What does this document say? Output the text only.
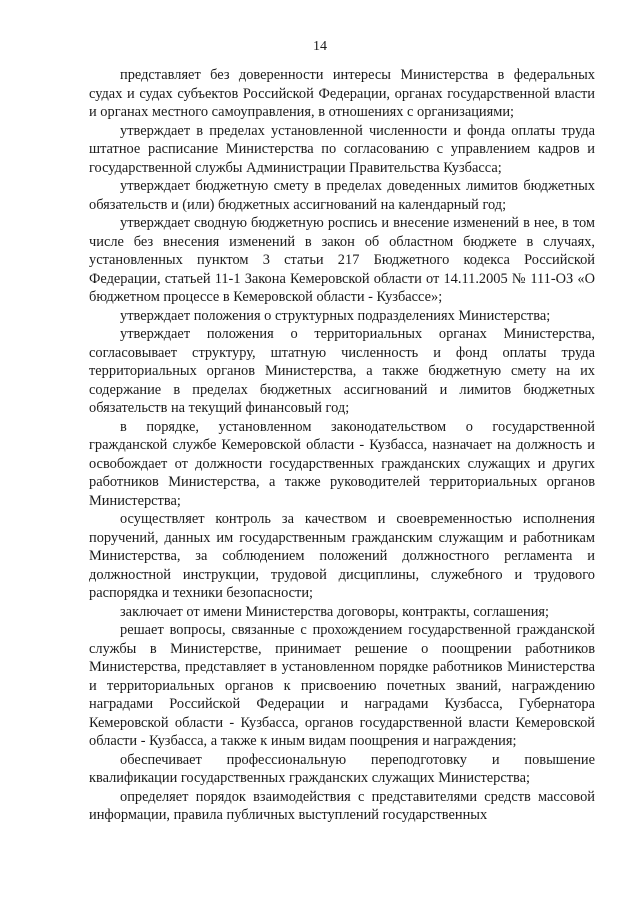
14

представляет без доверенности интересы Министерства в федеральных судах и судах субъектов Российской Федерации, органах государственной власти и органах местного самоуправления, в отношениях с организациями;

утверждает в пределах установленной численности и фонда оплаты труда штатное расписание Министерства по согласованию с управлением кадров и государственной службы Администрации Правительства Кузбасса;

утверждает бюджетную смету в пределах доведенных лимитов бюджетных обязательств и (или) бюджетных ассигнований на календарный год;

утверждает сводную бюджетную роспись и внесение изменений в нее, в том числе без внесения изменений в закон об областном бюджете в случаях, установленных пунктом 3 статьи 217 Бюджетного кодекса Российской Федерации, статьей 11-1 Закона Кемеровской области от 14.11.2005 № 111-ОЗ «О бюджетном процессе в Кемеровской области - Кузбассе»;

утверждает положения о структурных подразделениях Министерства;

утверждает положения о территориальных органах Министерства, согласовывает структуру, штатную численность и фонд оплаты труда территориальных органов Министерства, а также бюджетную смету на их содержание в пределах бюджетных ассигнований и лимитов бюджетных обязательств на текущий финансовый год;

в порядке, установленном законодательством о государственной гражданской службе Кемеровской области - Кузбасса, назначает на должность и освобождает от должности государственных гражданских служащих и других работников Министерства, а также руководителей территориальных органов Министерства;

осуществляет контроль за качеством и своевременностью исполнения поручений, данных им государственным гражданским служащим и работникам Министерства, за соблюдением положений должностного регламента и должностной инструкции, трудовой дисциплины, служебного и трудового распорядка и техники безопасности;

заключает от имени Министерства договоры, контракты, соглашения;

решает вопросы, связанные с прохождением государственной гражданской службы в Министерстве, принимает решение о поощрении работников Министерства, представляет в установленном порядке работников Министерства и территориальных органов к присвоению почетных званий, награждению наградами Российской Федерации и наградами Кузбасса, Губернатора Кемеровской области - Кузбасса, органов государственной власти Кемеровской области - Кузбасса, а также к иным видам поощрения и награждения;

обеспечивает профессиональную переподготовку и повышение квалификации государственных гражданских служащих Министерства;

определяет порядок взаимодействия с представителями средств массовой информации, правила публичных выступлений государственных
